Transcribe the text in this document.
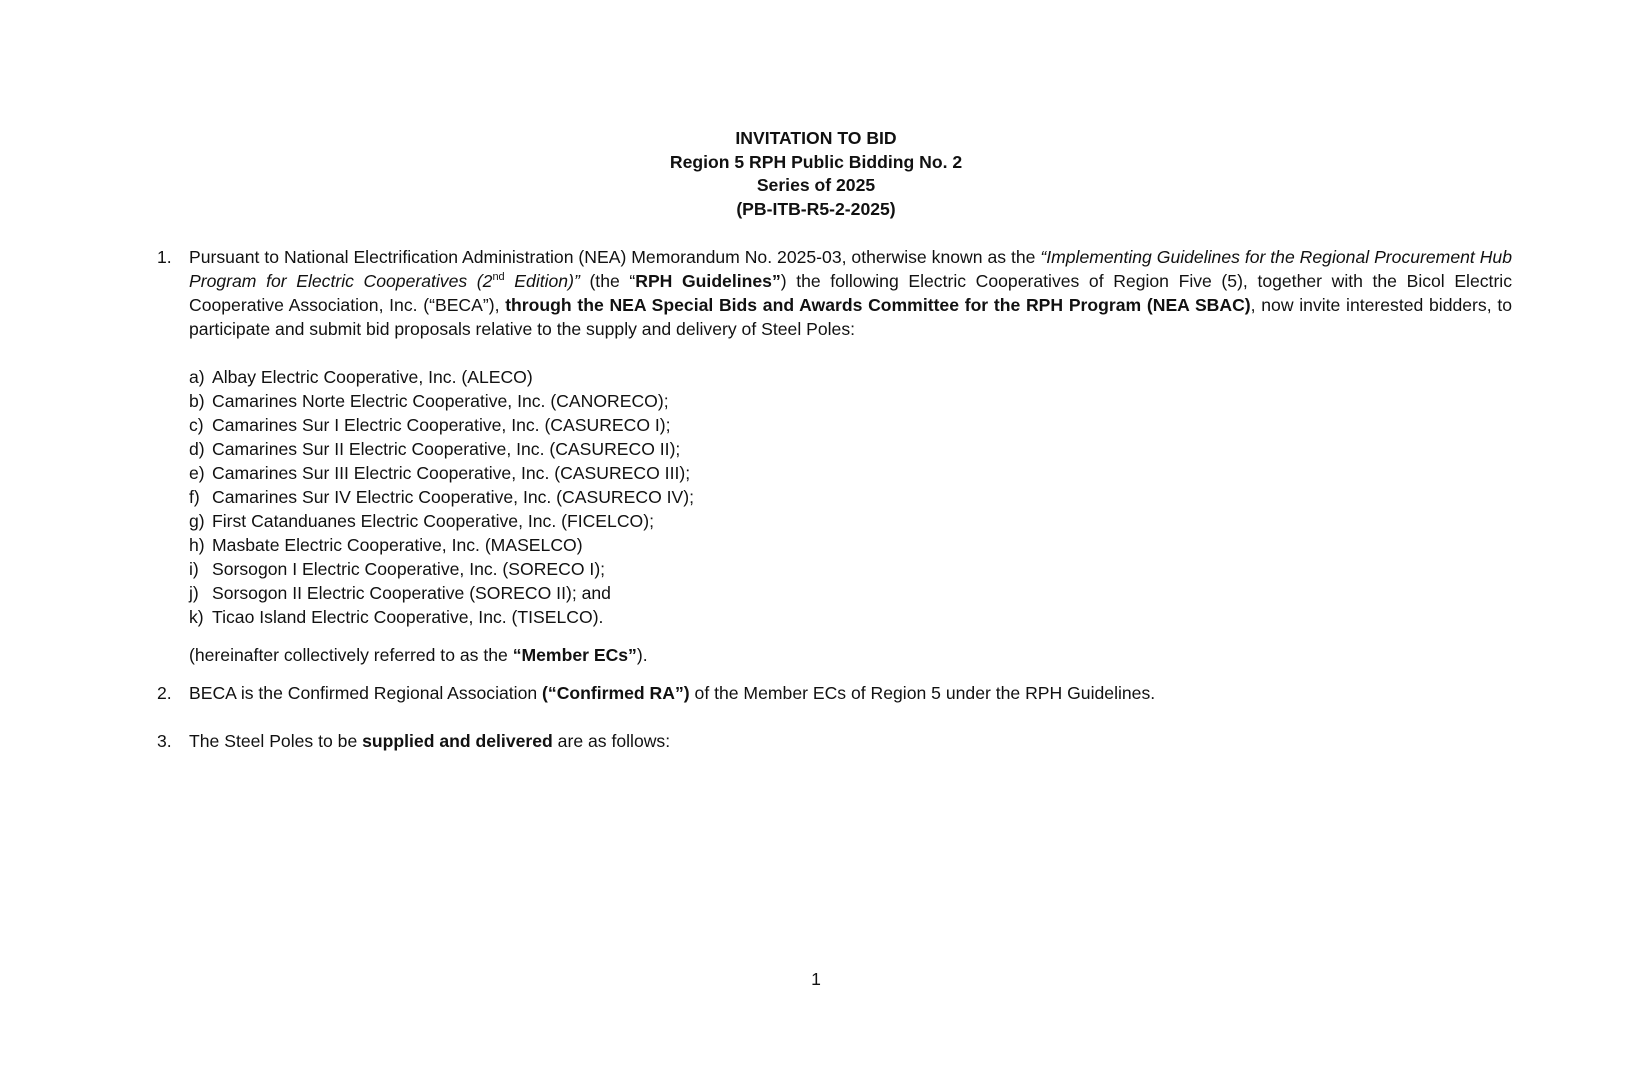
INVITATION TO BID
Region 5 RPH Public Bidding No. 2
Series of 2025
(PB-ITB-R5-2-2025)
1. Pursuant to National Electrification Administration (NEA) Memorandum No. 2025-03, otherwise known as the “Implementing Guidelines for the Regional Procurement Hub Program for Electric Cooperatives (2nd Edition)” (the “RPH Guidelines”) the following Electric Cooperatives of Region Five (5), together with the Bicol Electric Cooperative Association, Inc. (“BECA”), through the NEA Special Bids and Awards Committee for the RPH Program (NEA SBAC), now invite interested bidders, to participate and submit bid proposals relative to the supply and delivery of Steel Poles:
a) Albay Electric Cooperative, Inc. (ALECO)
b) Camarines Norte Electric Cooperative, Inc. (CANORECO);
c) Camarines Sur I Electric Cooperative, Inc. (CASURECO I);
d) Camarines Sur II Electric Cooperative, Inc. (CASURECO II);
e) Camarines Sur III Electric Cooperative, Inc. (CASURECO III);
f) Camarines Sur IV Electric Cooperative, Inc. (CASURECO IV);
g) First Catanduanes Electric Cooperative, Inc. (FICELCO);
h) Masbate Electric Cooperative, Inc. (MASELCO)
i) Sorsogon I Electric Cooperative, Inc. (SORECO I);
j) Sorsogon II Electric Cooperative (SORECO II); and
k) Ticao Island Electric Cooperative, Inc. (TISELCO).
(hereinafter collectively referred to as the “Member ECs”).
2. BECA is the Confirmed Regional Association (“Confirmed RA”) of the Member ECs of Region 5 under the RPH Guidelines.
3. The Steel Poles to be supplied and delivered are as follows:
1
